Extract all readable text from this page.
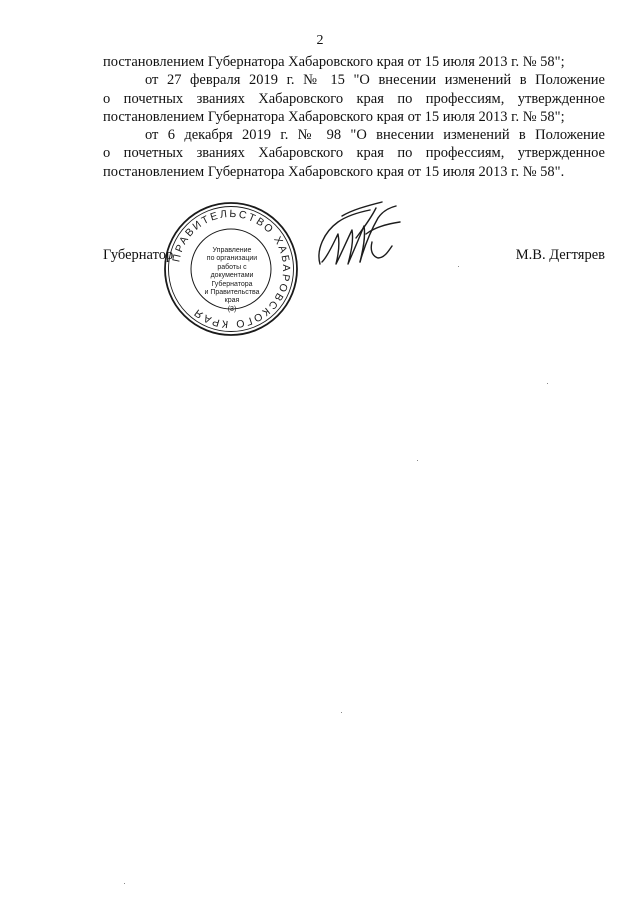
2

постановлением Губернатора Хабаровского края от 15 июля 2013 г. № 58";

от 27 февраля 2019 г. № 15 "О внесении изменений в Положение
о почетных званиях Хабаровского края по профессиям, утвержденное
постановлением Губернатора Хабаровского края от 15 июля 2013 г. № 58";

от 6 декабря 2019 г. № 98 "О внесении изменений в Положение
о почетных званиях Хабаровского края по профессиям, утвержденное
постановлением Губернатора Хабаровского края от 15 июля 2013 г. № 58".

ПРАВИТЕЛЬСТВО ХАБАРОВСКОГО КРАЯ
Управление
по организации
работы с документами
Губернатора
и Правительства
края
(3)
Губернатор	М.В. Дегтярев
